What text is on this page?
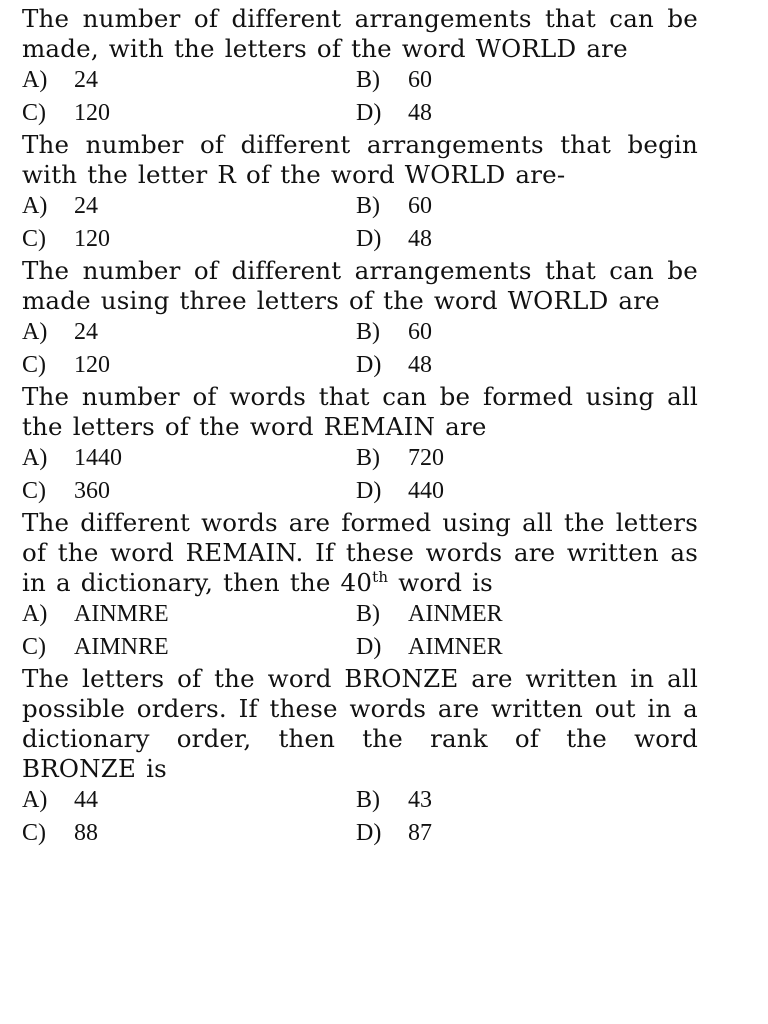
The number of different arrangements that can be made, with the letters of the word WORLD are
A) 24	B) 60
C) 120	D) 48
The number of different arrangements that begin with the letter R of the word WORLD are-
A) 24	B) 60
C) 120	D) 48
The number of different arrangements that can be made using three letters of the word WORLD are
A) 24	B) 60
C) 120	D) 48
The number of words that can be formed using all the letters of the word REMAIN are
A) 1440	B) 720
C) 360	D) 440
The different words are formed using all the letters of the word REMAIN. If these words are written as in a dictionary, then the 40th word is
A) AINMRE	B) AINMER
C) AIMNRE	D) AIMNER
The letters of the word BRONZE are written in all possible orders. If these words are written out in a dictionary order, then the rank of the word BRONZE is
A) 44	B) 43
C) 88	D) 87
